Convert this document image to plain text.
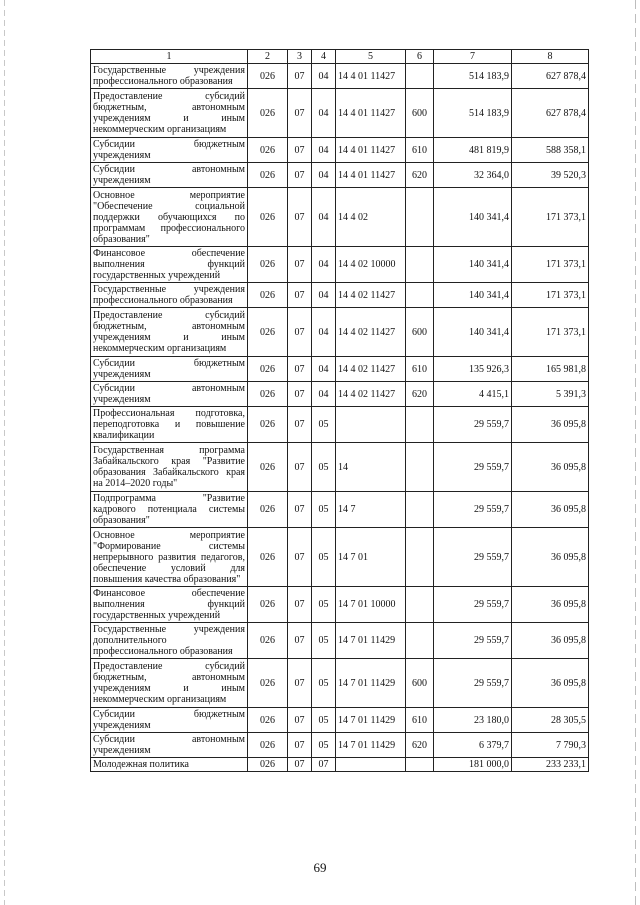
1	2	3	4	5	6	7	8
Государственные учреждения профессионального образования	026	07	04	14 4 01 11427		514 183,9	627 878,4
Предоставление субсидий бюджетным, автономным учреждениям и иным некоммерческим организациям	026	07	04	14 4 01 11427	600	514 183,9	627 878,4
Субсидии бюджетным учреждениям	026	07	04	14 4 01 11427	610	481 819,9	588 358,1
Субсидии автономным учреждениям	026	07	04	14 4 01 11427	620	32 364,0	39 520,3
Основное мероприятие "Обеспечение социальной поддержки обучающихся по программам профессионального образования"	026	07	04	14 4 02		140 341,4	171 373,1
Финансовое обеспечение выполнения функций государственных учреждений	026	07	04	14 4 02 10000		140 341,4	171 373,1
Государственные учреждения профессионального образования	026	07	04	14 4 02 11427		140 341,4	171 373,1
Предоставление субсидий бюджетным, автономным учреждениям и иным некоммерческим организациям	026	07	04	14 4 02 11427	600	140 341,4	171 373,1
Субсидии бюджетным учреждениям	026	07	04	14 4 02 11427	610	135 926,3	165 981,8
Субсидии автономным учреждениям	026	07	04	14 4 02 11427	620	4 415,1	5 391,3
Профессиональная подготовка, переподготовка и повышение квалификации	026	07	05			29 559,7	36 095,8
Государственная программа Забайкальского края "Развитие образования Забайкальского края на 2014–2020 годы"	026	07	05	14		29 559,7	36 095,8
Подпрограмма "Развитие кадрового потенциала системы образования"	026	07	05	14 7		29 559,7	36 095,8
Основное мероприятие "Формирование системы непрерывного развития педагогов, обеспечение условий для повышения качества образования"	026	07	05	14 7 01		29 559,7	36 095,8
Финансовое обеспечение выполнения функций государственных учреждений	026	07	05	14 7 01 10000		29 559,7	36 095,8
Государственные учреждения дополнительного профессионального образования	026	07	05	14 7 01 11429		29 559,7	36 095,8
Предоставление субсидий бюджетным, автономным учреждениям и иным некоммерческим организациям	026	07	05	14 7 01 11429	600	29 559,7	36 095,8
Субсидии бюджетным учреждениям	026	07	05	14 7 01 11429	610	23 180,0	28 305,5
Субсидии автономным учреждениям	026	07	05	14 7 01 11429	620	6 379,7	7 790,3
Молодежная политика	026	07	07			181 000,0	233 233,1
69
